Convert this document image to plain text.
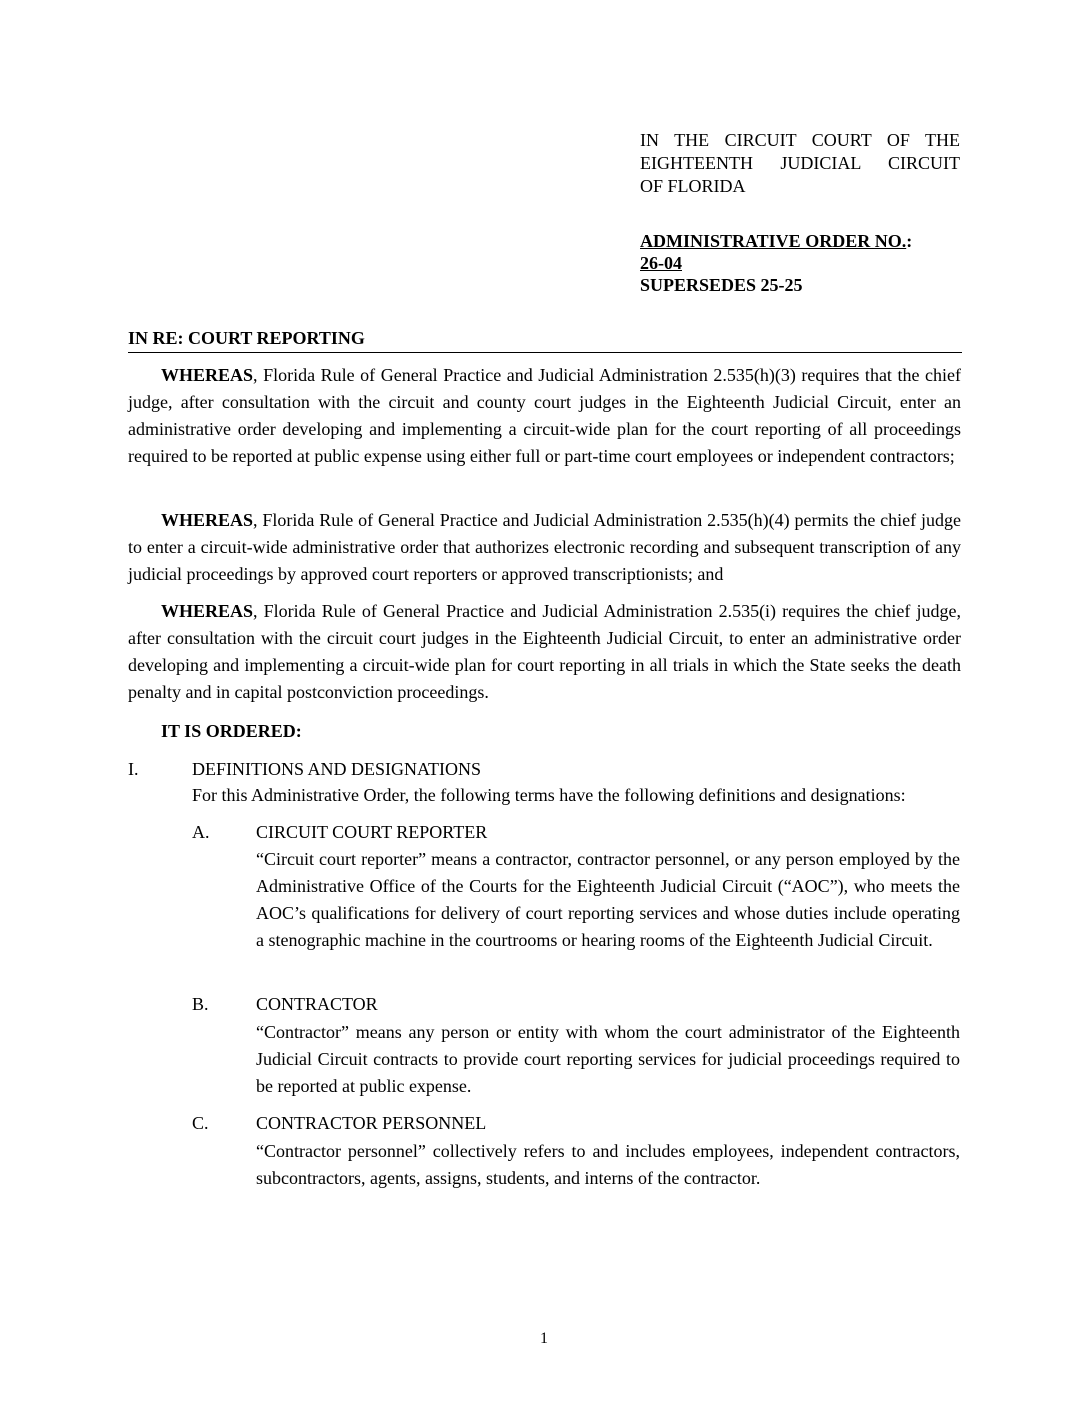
IN THE CIRCUIT COURT OF THE
EIGHTEENTH JUDICIAL CIRCUIT
OF FLORIDA
ADMINISTRATIVE ORDER NO.:
26-04
SUPERSEDES 25-25
IN RE: COURT REPORTING
WHEREAS, Florida Rule of General Practice and Judicial Administration 2.535(h)(3) requires that the chief judge, after consultation with the circuit and county court judges in the Eighteenth Judicial Circuit, enter an administrative order developing and implementing a circuit-wide plan for the court reporting of all proceedings required to be reported at public expense using either full or part-time court employees or independent contractors;
WHEREAS, Florida Rule of General Practice and Judicial Administration 2.535(h)(4) permits the chief judge to enter a circuit-wide administrative order that authorizes electronic recording and subsequent transcription of any judicial proceedings by approved court reporters or approved transcriptionists; and
WHEREAS, Florida Rule of General Practice and Judicial Administration 2.535(i) requires the chief judge, after consultation with the circuit court judges in the Eighteenth Judicial Circuit, to enter an administrative order developing and implementing a circuit-wide plan for court reporting in all trials in which the State seeks the death penalty and in capital postconviction proceedings.
IT IS ORDERED:
I.	DEFINITIONS AND DESIGNATIONS
For this Administrative Order, the following terms have the following definitions and designations:
A.	CIRCUIT COURT REPORTER
“Circuit court reporter” means a contractor, contractor personnel, or any person employed by the Administrative Office of the Courts for the Eighteenth Judicial Circuit (“AOC”), who meets the AOC’s qualifications for delivery of court reporting services and whose duties include operating a stenographic machine in the courtrooms or hearing rooms of the Eighteenth Judicial Circuit.
B.	CONTRACTOR
“Contractor” means any person or entity with whom the court administrator of the Eighteenth Judicial Circuit contracts to provide court reporting services for judicial proceedings required to be reported at public expense.
C.	CONTRACTOR PERSONNEL
“Contractor personnel” collectively refers to and includes employees, independent contractors, subcontractors, agents, assigns, students, and interns of the contractor.
1
